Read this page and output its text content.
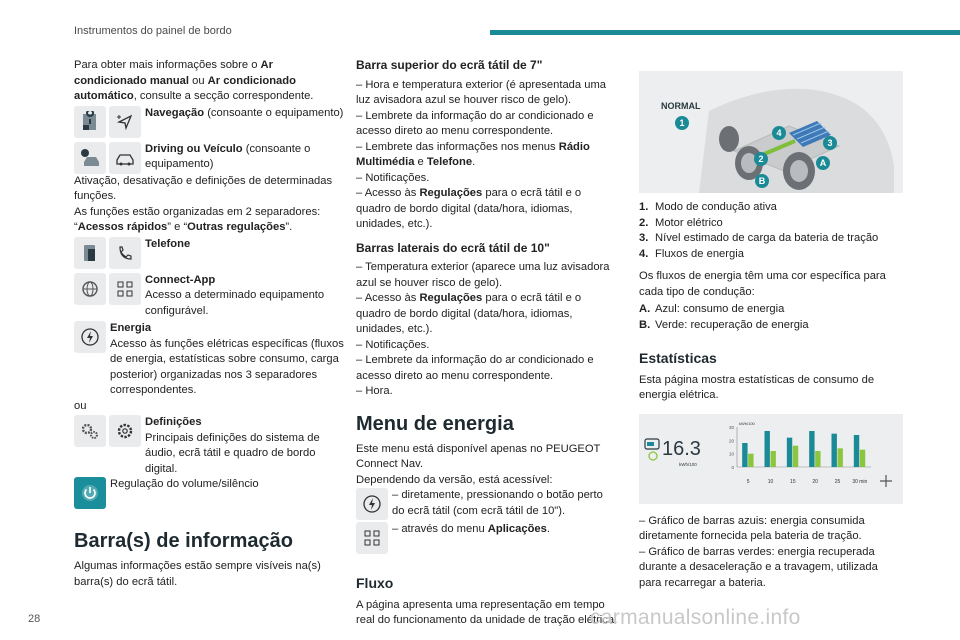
Instrumentos do painel de bordo

Para obter mais informações sobre o Ar condicionado manual ou Ar condicionado automático, consulte a secção correspondente.

Navegação (consoante o equipamento)
Driving ou Veículo (consoante o equipamento)

Ativação, desativação e definições de determinadas funções.

As funções estão organizadas em 2 separadores: “Acessos rápidos” e “Outras regulações”.

Telefone
Connect-App
Acesso a determinado equipamento configurável.
Energia
Acesso às funções elétricas específicas (fluxos de energia, estatísticas sobre consumo, carga posterior) organizadas nos 3 separadores correspondentes.

ou

Definições
Principais definições do sistema de áudio, ecrã tátil e quadro de bordo digital.
Regulação do volume/silêncio
Barra(s) de informação

Algumas informações estão sempre visíveis na(s) barra(s) do ecrã tátil.

Barra superior do ecrã tátil de 7"

– Hora e temperatura exterior (é apresentada uma luz avisadora azul se houver risco de gelo).

– Lembrete da informação do ar condicionado e acesso direto ao menu correspondente.

– Lembrete das informações nos menus Rádio Multimédia e Telefone.

– Notificações.

– Acesso às Regulações para o ecrã tátil e o quadro de bordo digital (data/hora, idiomas, unidades, etc.).

Barras laterais do ecrã tátil de 10"

– Temperatura exterior (aparece uma luz avisadora azul se houver risco de gelo).

– Acesso às Regulações para o ecrã tátil e o quadro de bordo digital (data/hora, idiomas, unidades, etc.).

– Notificações.

– Lembrete da informação do ar condicionado e acesso direto ao menu correspondente.

– Hora.

Menu de energia

Este menu está disponível apenas no PEUGEOT Connect Nav.

Dependendo da versão, está acessível:

– diretamente, pressionando o botão perto do ecrã tátil (com ecrã tátil de 10").
– através do menu Aplicações.
Fluxo

A página apresenta uma representação em tempo real do funcionamento da unidade de tração elétrica.

NORMAL
1
2
3
4
A
B
1. Modo de condução ativa
2. Motor elétrico
3. Nível estimado de carga da bateria de tração
4. Fluxos de energia

Os fluxos de energia têm uma cor específica para cada tipo de condução:

A. Azul: consumo de energia
B. Verde: recuperação de energia
Estatísticas

Esta página mostra estatísticas de consumo de energia elétrica.

16.3
kWh/100
30
20
10
0
kWh/100
5	10	15	20	25 30 min

– Gráfico de barras azuis: energia consumida diretamente fornecida pela bateria de tração.

– Gráfico de barras verdes: energia recuperada durante a desaceleração e a travagem, utilizada para recarregar a bateria.

28	carmanualsonline.info
